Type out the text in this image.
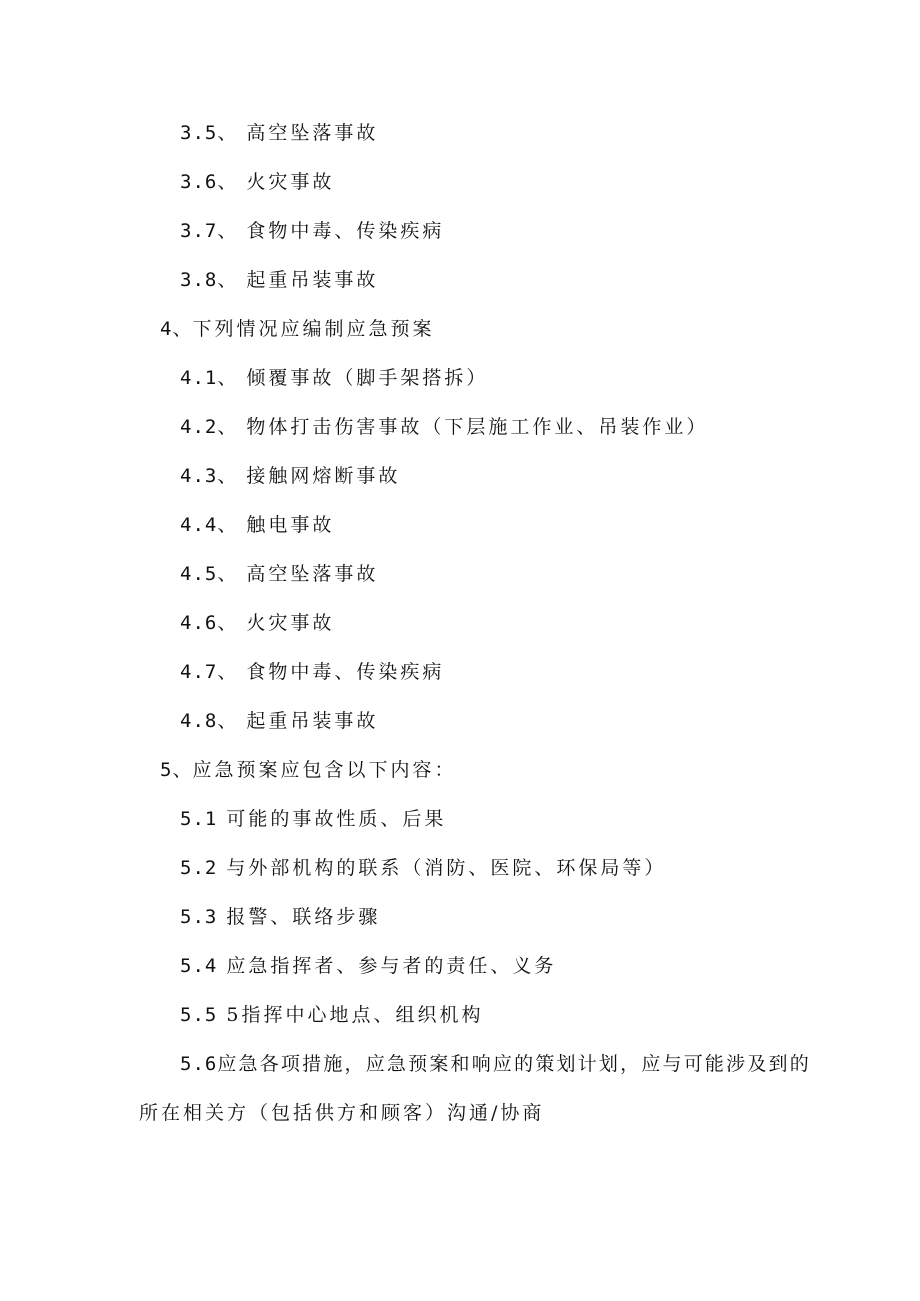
3.5、 高空坠落事故
3.6、 火灾事故
3.7、 食物中毒、传染疾病
3.8、 起重吊装事故
4、下列情况应编制应急预案
4.1、 倾覆事故（脚手架搭拆）
4.2、 物体打击伤害事故（下层施工作业、吊装作业）
4.3、 接触网熔断事故
4.4、 触电事故
4.5、 高空坠落事故
4.6、 火灾事故
4.7、 食物中毒、传染疾病
4.8、 起重吊装事故
5、应急预案应包含以下内容：
5.1 可能的事故性质、后果
5.2 与外部机构的联系（消防、医院、环保局等）
5.3 报警、联络步骤
5.4 应急指挥者、参与者的责任、义务
5.5 5指挥中心地点、组织机构
5.6应急各项措施，应急预案和响应的策划计划，应与可能涉及到的
所在相关方（包括供方和顾客）沟通/协商
